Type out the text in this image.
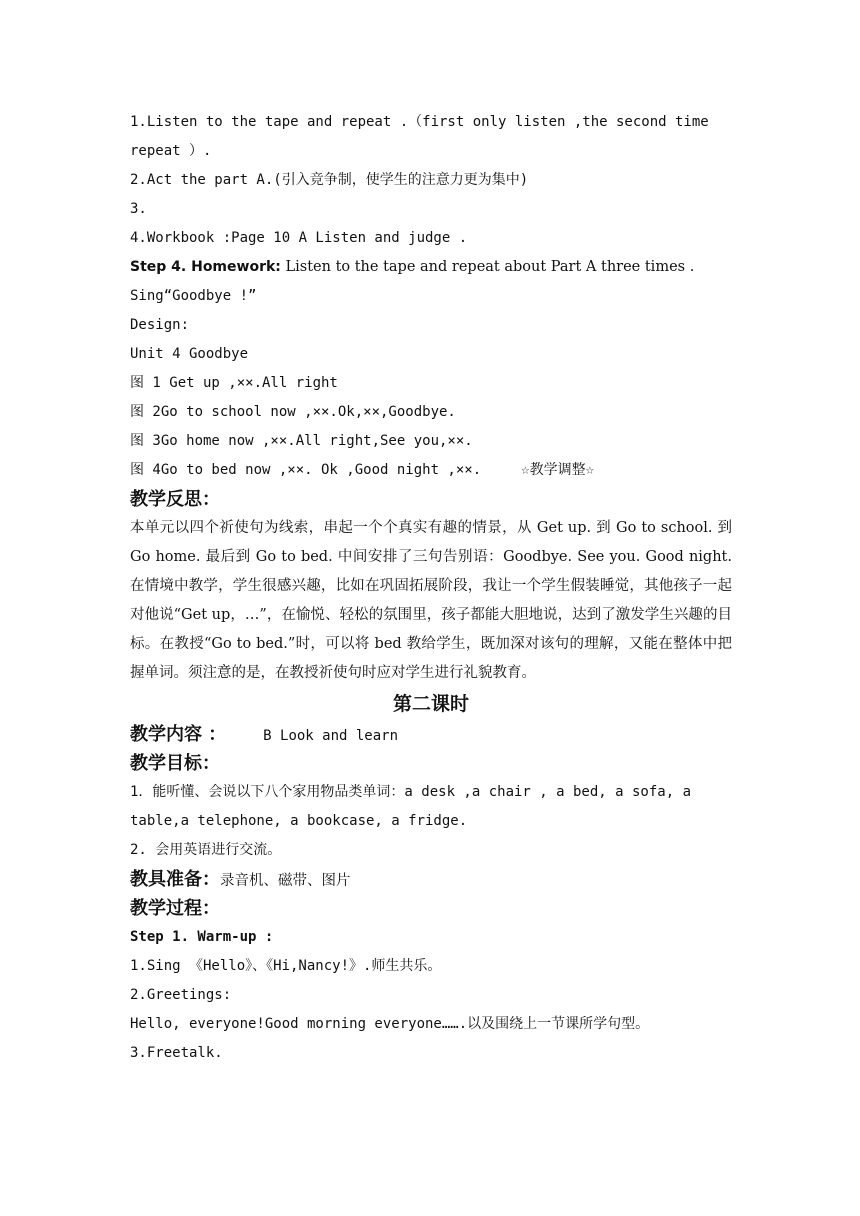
1.Listen to the tape and repeat .（first only listen ,the second time repeat ）.
2.Act the part A.(引入竞争制，使学生的注意力更为集中)
3.
4.Workbook :Page 10 A Listen and judge .
Step 4. Homework: Listen to the tape and repeat about Part A three times .
Sing“Goodbye !”
Design:
Unit 4 Goodbye
图 1 Get up ,××.All right
图 2Go to school now ,××.Ok,××,Goodbye.
图 3Go home now ,××.All right,See you,××.
图 4Go to bed now ,××. Ok ,Good night ,××.	☆教学调整☆
教学反思：
本单元以四个祈使句为线索，串起一个个真实有趣的情景，从 Get up. 到 Go to school. 到 Go home. 最后到 Go to bed. 中间安排了三句告别语：Goodbye. See you. Good night. 在情境中教学，学生很感兴趣，比如在巩固拓展阶段，我让一个学生假装睡觉，其他孩子一起对他说“Get up，…”，在愉悦、轻松的氛围里，孩子都能大胆地说，达到了激发学生兴趣的目标。在教授“Go to bed.”时，可以将 bed 教给学生，既加深对该句的理解，又能在整体中把握单词。须注意的是，在教授祈使句时应对学生进行礼貌教育。
第二课时
教学内容 ：	B Look and learn
教学目标：
1．能听懂、会说以下八个家用物品类单词：a desk ,a chair , a bed, a sofa, a table,a telephone, a bookcase, a fridge.
2. 会用英语进行交流。
教具准备：录音机、磁带、图片
教学过程：
Step 1. Warm-up :
1.Sing 《Hello》、《Hi,Nancy!》.师生共乐。
2.Greetings:
Hello, everyone!Good morning everyone…….以及围绕上一节课所学句型。
3.Freetalk.
